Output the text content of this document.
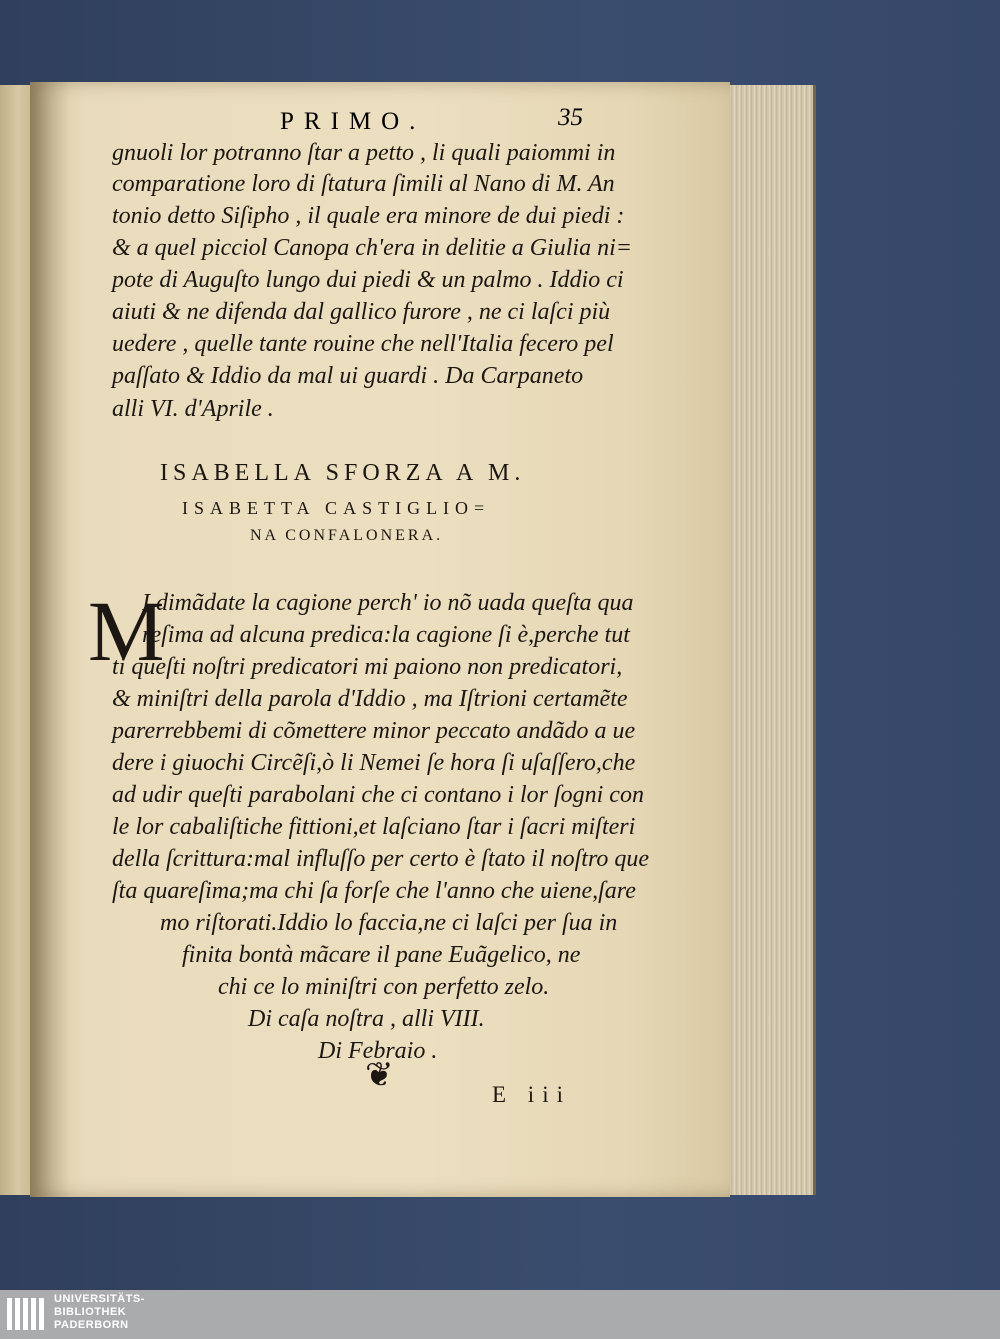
PRIMO.	35
gnuoli lor potranno ſtar a petto , li quali paiommi in
comparatione loro di ſtatura ſimili al Nano di M. An
tonio detto Siſipho , il quale era minore de dui piedi :
& a quel picciol Canopa ch'era in delitie a Giulia ni=
pote di Auguſto lungo dui piedi & un palmo . Iddio ci
aiuti & ne difenda dal gallico furore , ne ci laſci più
uedere , quelle tante rouine che nell'Italia fecero pel
paſſato & Iddio da mal ui guardi . Da Carpaneto
alli VI. d'Aprile .
ISABELLA SFORZA A M.
ISABETTA CASTIGLIO=
NA CONFALONERA.
M
I dimãdate la cagione perch' io nõ uada queſta qua
reſima ad alcuna predica:la cagione ſi è,perche tut
ti queſti noſtri predicatori mi paiono non predicatori,
& miniſtri della parola d'Iddio , ma Iſtrioni certamẽte
parerrebbemi di cõmettere minor peccato andãdo a ue
dere i giuochi Circẽſi,ò li Nemei ſe hora ſi uſaſſero,che
ad udir queſti parabolani che ci contano i lor ſogni con
le lor cabaliſtiche fittioni,et laſciano ſtar i ſacri miſteri
della ſcrittura:mal influſſo per certo è ſtato il noſtro que
ſta quareſima;ma chi ſa forſe che l'anno che uiene,ſare
mo riſtorati.Iddio lo faccia,ne ci laſci per ſua in
finita bontà mãcare il pane Euãgelico, ne
chi ce lo miniſtri con perfetto zelo.
Di caſa noſtra , alli VIII.
Di Febraio .
❦	E iii
UNIVERSITÄTS-
BIBLIOTHEK
PADERBORN
